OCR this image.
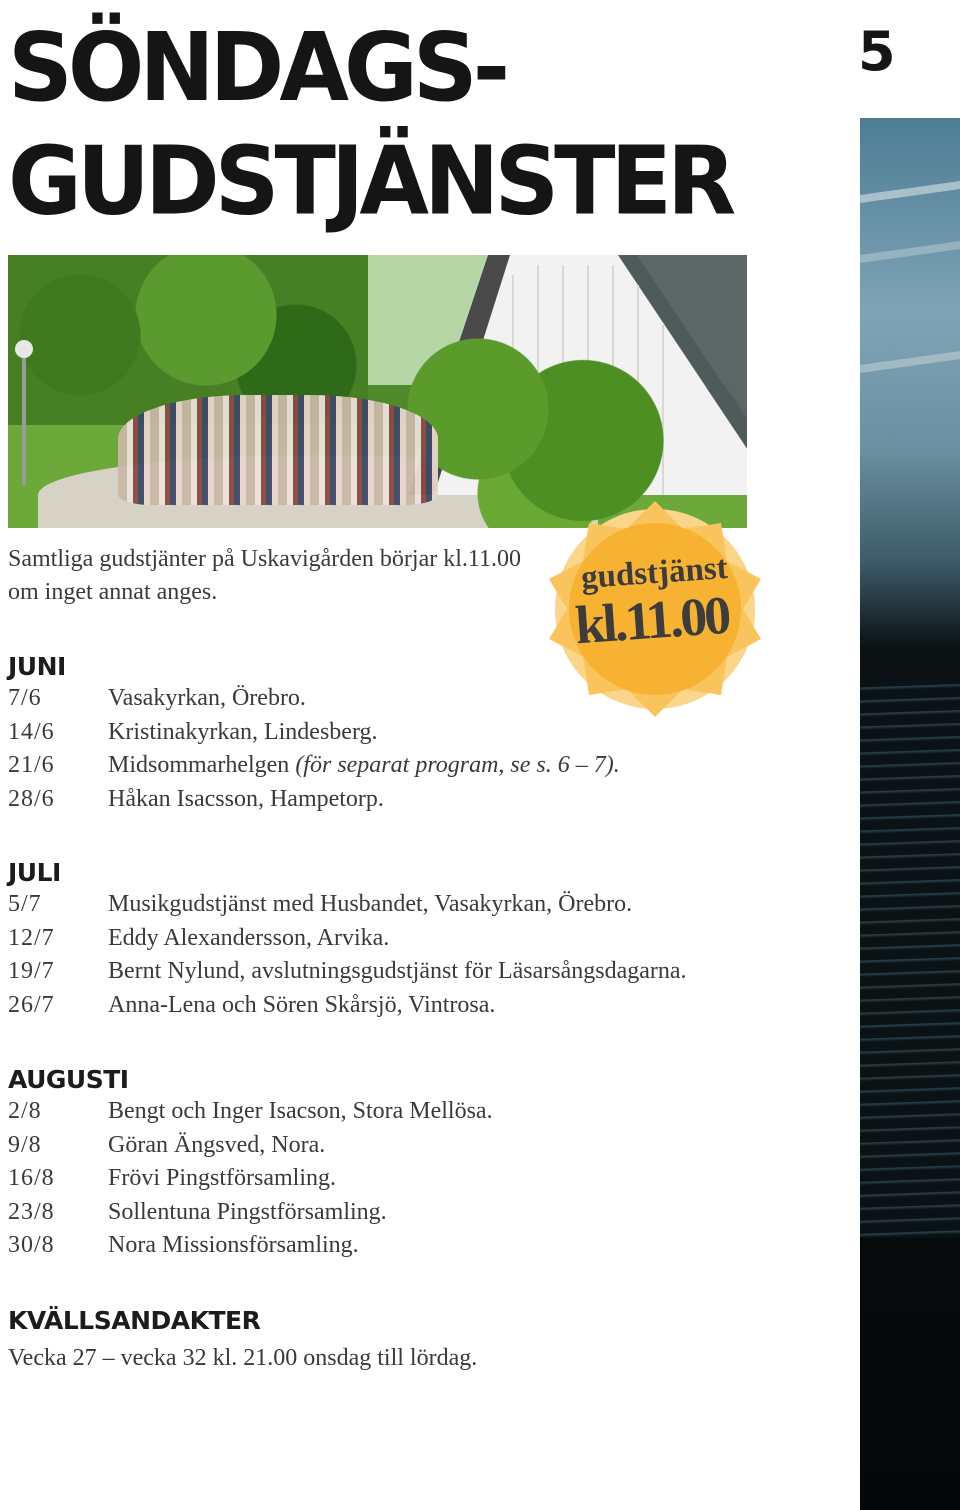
SÖNDAGS-
GUDSTJÄNSTER
5
gudstjänst
kl.11.00

Samtliga gudstjänter på Uskavigården börjar kl.11.00 om inget annat anges.

JUNI
7/6	Vasakyrkan, Örebro.
14/6	Kristinakyrkan, Lindesberg.
21/6	Midsommarhelgen (för separat program, se s. 6 – 7).
28/6	Håkan Isacsson, Hampetorp.
JULI
5/7	Musikgudstjänst med Husbandet, Vasakyrkan, Örebro.
12/7	Eddy Alexandersson, Arvika.
19/7	Bernt Nylund, avslutningsgudstjänst för Läsarsångsdagarna.
26/7	Anna-Lena och Sören Skårsjö, Vintrosa.
AUGUSTI
2/8	Bengt och Inger Isacson, Stora Mellösa.
9/8	Göran Ängsved, Nora.
16/8	Frövi Pingstförsamling.
23/8	Sollentuna Pingstförsamling.
30/8	Nora Missionsförsamling.
KVÄLLSANDAKTER
Vecka 27 – vecka 32 kl. 21.00 onsdag till lördag.
